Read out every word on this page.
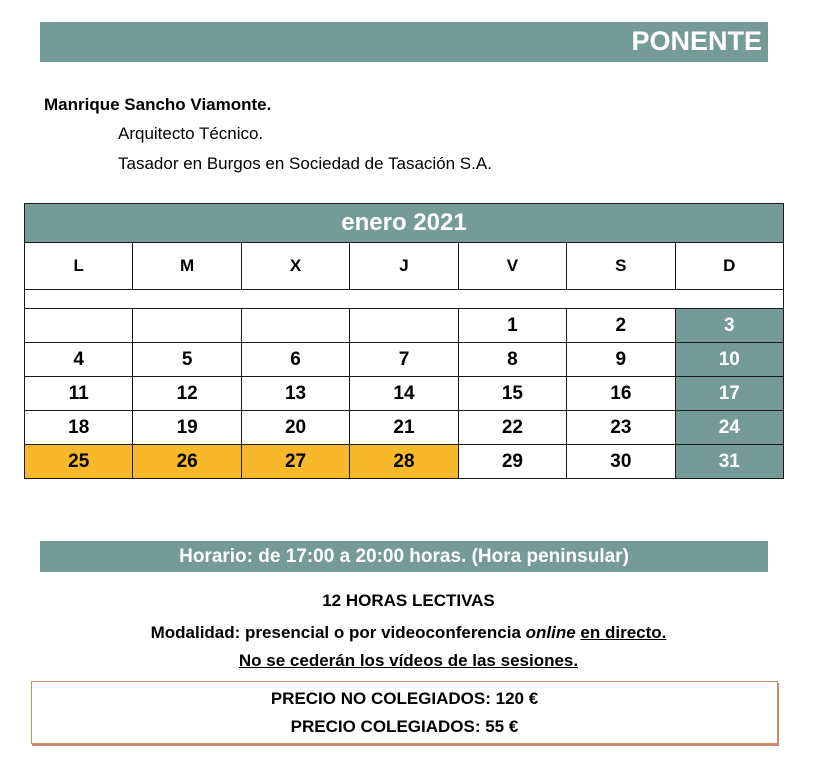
PONENTE
Manrique Sancho Viamonte.
Arquitecto Técnico.
Tasador en Burgos en Sociedad de Tasación S.A.
enero 2021						
L	M	X	J	V	S	D

				1	2	3
4	5	6	7	8	9	10
11	12	13	14	15	16	17
18	19	20	21	22	23	24
25	26	27	28	29	30	31
Horario: de 17:00 a 20:00 horas. (Hora peninsular)
12 HORAS LECTIVAS
Modalidad: presencial o por videoconferencia online en directo.
No se cederán los vídeos de las sesiones.
PRECIO NO COLEGIADOS: 120 €
PRECIO COLEGIADOS: 55 €
